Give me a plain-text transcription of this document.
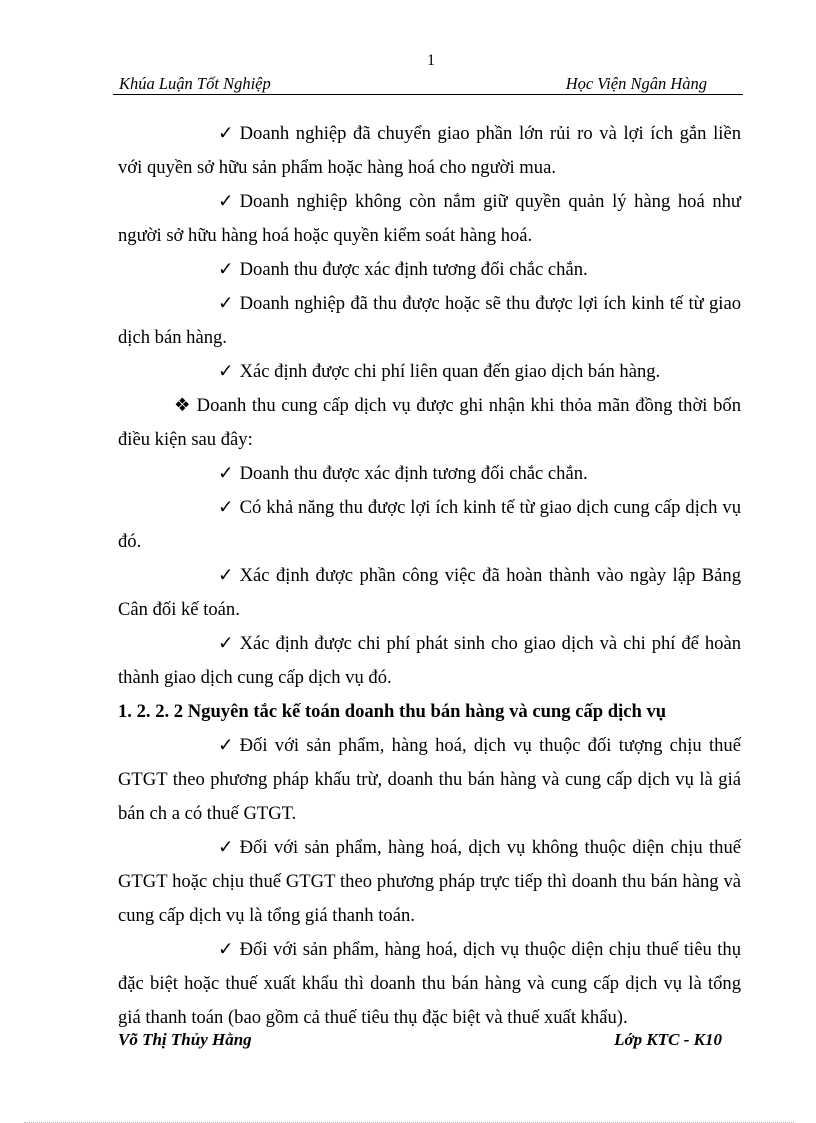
1
Khúa Luận Tốt Nghiệp	Học Viện Ngân Hàng

✓ Doanh nghiệp đã chuyển giao phần lớn rủi ro và lợi ích gắn liền với quyền sở hữu sản phẩm hoặc hàng hoá cho người mua.

✓ Doanh nghiệp không còn nắm giữ quyền quản lý hàng hoá như người sở hữu hàng hoá hoặc quyền kiểm soát hàng hoá.

✓ Doanh thu được xác định tương đối chắc chắn.

✓ Doanh nghiệp đã thu được hoặc sẽ thu được lợi ích kinh tế từ giao dịch bán hàng.

✓ Xác định được chi phí liên quan đến giao dịch bán hàng.

❖ Doanh thu cung cấp dịch vụ được ghi nhận khi thỏa mãn đồng thời bốn điều kiện sau đây:

✓ Doanh thu được xác định tương đối chắc chắn.

✓ Có khả năng thu được lợi ích kinh tế từ giao dịch cung cấp dịch vụ đó.

✓ Xác định được phần công việc đã hoàn thành vào ngày lập Bảng Cân đối kế toán.

✓ Xác định được chi phí phát sinh cho giao dịch và chi phí để hoàn thành giao dịch cung cấp dịch vụ đó.

1. 2. 2. 2 Nguyên tắc kế toán doanh thu bán hàng và cung cấp dịch vụ

✓ Đối với sản phẩm, hàng hoá, dịch vụ thuộc đối tượng chịu thuế GTGT theo phương pháp khấu trừ, doanh thu bán hàng và cung cấp dịch vụ là giá bán ch a có thuế GTGT.

✓ Đối với sản phẩm, hàng hoá, dịch vụ không thuộc diện chịu thuế GTGT hoặc chịu thuế GTGT theo phương pháp trực tiếp thì doanh thu bán hàng và cung cấp dịch vụ là tổng giá thanh toán.

✓ Đối với sản phẩm, hàng hoá, dịch vụ thuộc diện chịu thuế tiêu thụ đặc biệt hoặc thuế xuất khẩu thì doanh thu bán hàng và cung cấp dịch vụ là tổng giá thanh toán (bao gồm cả thuế tiêu thụ đặc biệt và thuế xuất khẩu).

Võ Thị Thủy Hằng	Lớp KTC - K10
